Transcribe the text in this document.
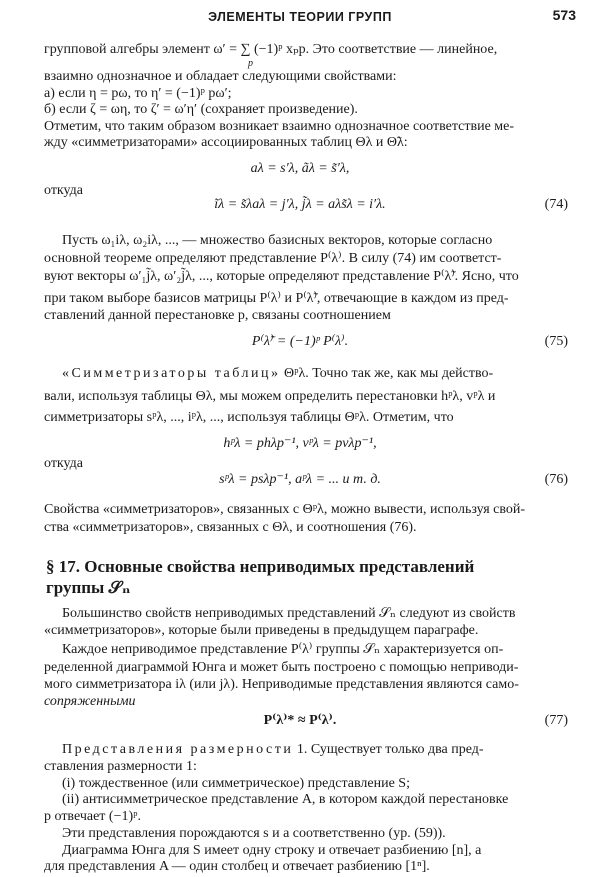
ЭЛЕМЕНТЫ ТЕОРИИ ГРУПП	573
групповой алгебры элемент ω′ = ∑ (−1)ᵖ xₚp. Это соответствие — линейное,
p
взаимно однозначное и обладает следующими свойствами:
а) если η = pω, то η′ = (−1)ᵖ pω′;
б) если ζ = ωη, то ζ′ = ω′η′ (сохраняет произведение).
Отметим, что таким образом возникает взаимно однозначное соответствие ме-
жду «симметризаторами» ассоциированных таблиц Θλ и Θ̃λ:
aλ = s′λ, ãλ = s̃′λ,
откуда
ĩλ = s̃λaλ = j′λ, j̃λ = aλs̃λ = i′λ.	(74)
Пусть ω₁iλ, ω₂iλ, ..., — множество базисных векторов, которые согласно
основной теореме определяют представление P⁽λ⁾. В силу (74) им соответст-
вуют векторы ω′₁j̃λ, ω′₂j̃λ, ..., которые определяют представление P⁽λ̃⁾. Ясно, что
при таком выборе базисов матрицы P⁽λ⁾ и P⁽λ̃⁾, отвечающие в каждом из пред-
ставлений данной перестановке p, связаны соотношением
P⁽λ̃⁾ = (−1)ᵖ P⁽λ⁾.	(75)
«Симметризаторы таблиц» Θᵖλ. Точно так же, как мы действо-
вали, используя таблицы Θλ, мы можем определить перестановки hᵖλ, vᵖλ и
симметризаторы sᵖλ, ..., iᵖλ, ..., используя таблицы Θᵖλ. Отметим, что
hᵖλ = phλp⁻¹, vᵖλ = pvλp⁻¹,
откуда
sᵖλ = psλp⁻¹, aᵖλ = ... и т. д.	(76)
Свойства «симметризаторов», связанных с Θᵖλ, можно вывести, используя свой-
ства «симметризаторов», связанных с Θλ, и соотношения (76).
§ 17. Основные свойства неприводимых представлений
группы 𝒮ₙ
Большинство свойств неприводимых представлений 𝒮ₙ следуют из свойств
«симметризаторов», которые были приведены в предыдущем параграфе.
Каждое неприводимое представление P⁽λ⁾ группы 𝒮ₙ характеризуется оп-
ределенной диаграммой Юнга и может быть построено с помощью неприводи-
мого симметризатора iλ (или jλ). Неприводимые представления являются само-
сопряженными
P⁽λ⁾* ≈ P⁽λ⁾.	(77)
Представления размерности 1. Существует только два пред-
ставления размерности 1:
(i) тождественное (или симметрическое) представление S;
(ii) антисимметрическое представление A, в котором каждой перестановке
p отвечает (−1)ᵖ.
Эти представления порождаются s и a соответственно (ур. (59)).
Диаграмма Юнга для S имеет одну строку и отвечает разбиению [n], а
для представления A — один столбец и отвечает разбиению [1ⁿ].
